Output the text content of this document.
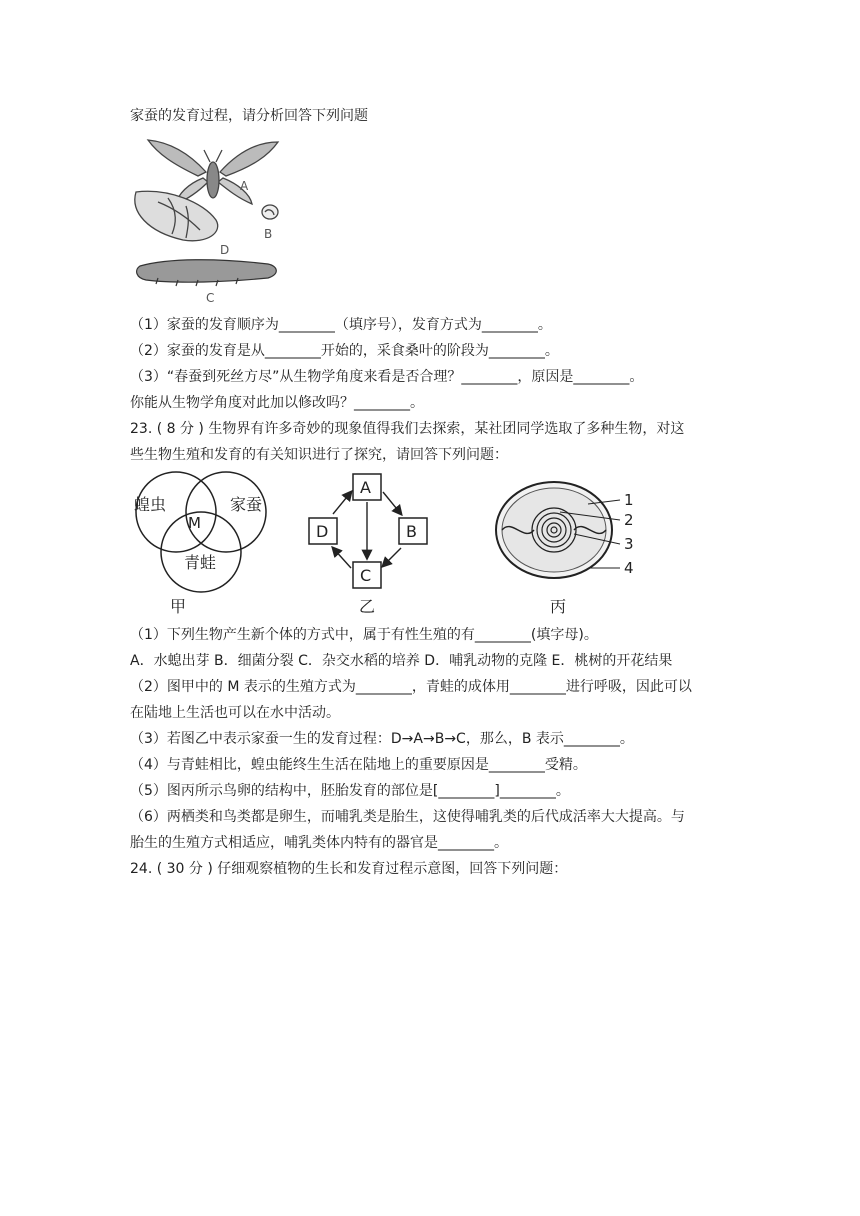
家蚕的发育过程，请分析回答下列问题
A
D
B
C
（1）家蚕的发育顺序为________（填序号），发育方式为________。
（2）家蚕的发育是从________开始的，采食桑叶的阶段为________。
（3）“春蚕到死丝方尽”从生物学角度来看是否合理？________，原因是________。
你能从生物学角度对此加以修改吗？________。
23. ( 8 分 ) 生物界有许多奇妙的现象值得我们去探索，某社团同学选取了多种生物，对这
些生物生殖和发育的有关知识进行了探究，请回答下列问题：
蝗虫	家蚕
M
青蛙
甲
A
B
C
D
乙
1
2
3
4
丙
（1）下列生物产生新个体的方式中，属于有性生殖的有________(填字母)。
A．水螅出芽 B．细菌分裂 C．杂交水稻的培养 D．哺乳动物的克隆 E．桃树的开花结果
（2）图甲中的 M 表示的生殖方式为________，青蛙的成体用________进行呼吸，因此可以
在陆地上生活也可以在水中活动。
（3）若图乙中表示家蚕一生的发育过程：D→A→B→C，那么，B 表示________。
（4）与青蛙相比，蝗虫能终生生活在陆地上的重要原因是________受精。
（5）图丙所示鸟卵的结构中，胚胎发育的部位是[________]________。
（6）两栖类和鸟类都是卵生，而哺乳类是胎生，这使得哺乳类的后代成活率大大提高。与
胎生的生殖方式相适应，哺乳类体内特有的器官是________。
24. ( 30 分 ) 仔细观察植物的生长和发育过程示意图，回答下列问题：
